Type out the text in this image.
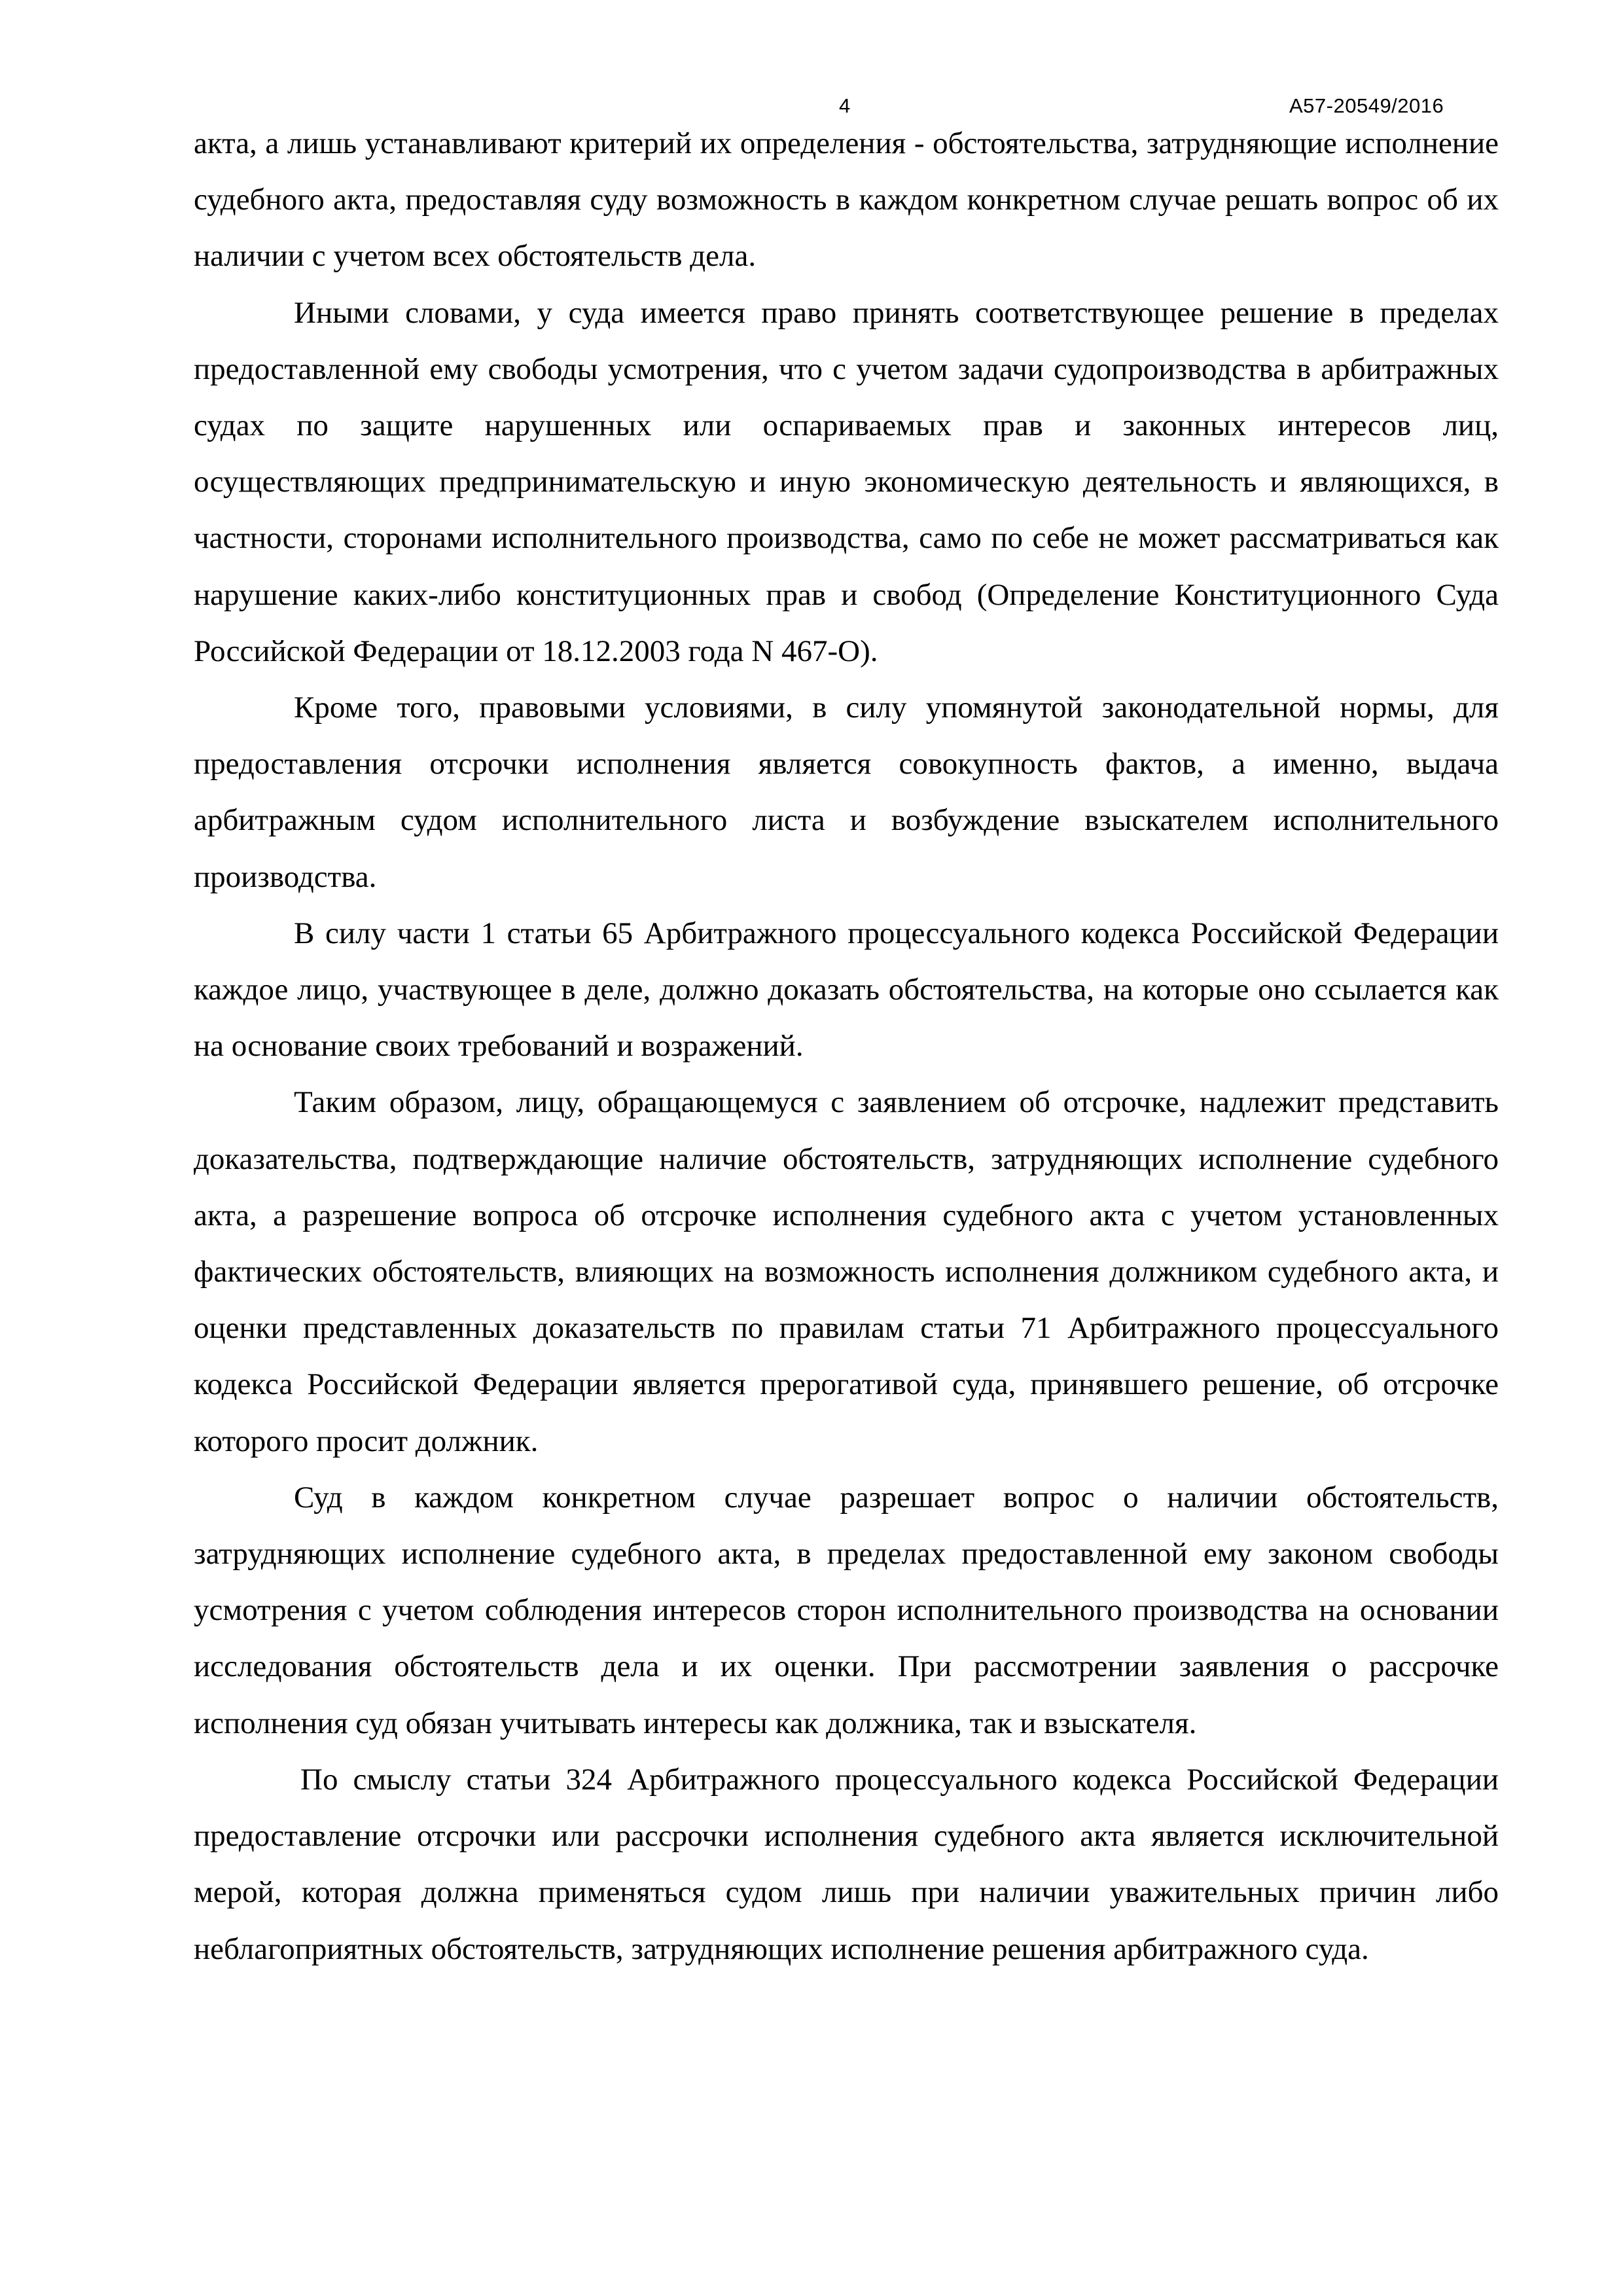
4	А57-20549/2016

акта, а лишь устанавливают критерий их определения - обстоятельства, затрудняющие исполнение судебного акта, предоставляя суду возможность в каждом конкретном случае решать вопрос об их наличии с учетом всех обстоятельств дела.

Иными словами, у суда имеется право принять соответствующее решение в пределах предоставленной ему свободы усмотрения, что с учетом задачи судопроизводства в арбитражных судах по защите нарушенных или оспариваемых прав и законных интересов лиц, осуществляющих предпринимательскую и иную экономическую деятельность и являющихся, в частности, сторонами исполнительного производства, само по себе не может рассматриваться как нарушение каких-либо конституционных прав и свобод (Определение Конституционного Суда Российской Федерации от 18.12.2003 года N 467-О).

Кроме того, правовыми условиями, в силу упомянутой законодательной нормы, для предоставления отсрочки исполнения является совокупность фактов, а именно, выдача арбитражным судом исполнительного листа и возбуждение взыскателем исполнительного производства.

В силу части 1 статьи 65 Арбитражного процессуального кодекса Российской Федерации каждое лицо, участвующее в деле, должно доказать обстоятельства, на которые оно ссылается как на основание своих требований и возражений.

Таким образом, лицу, обращающемуся с заявлением об отсрочке, надлежит представить доказательства, подтверждающие наличие обстоятельств, затрудняющих исполнение судебного акта, а разрешение вопроса об отсрочке исполнения судебного акта с учетом установленных фактических обстоятельств, влияющих на возможность исполнения должником судебного акта, и оценки представленных доказательств по правилам статьи 71 Арбитражного процессуального кодекса Российской Федерации является прерогативой суда, принявшего решение, об отсрочке которого просит должник.

Суд в каждом конкретном случае разрешает вопрос о наличии обстоятельств, затрудняющих исполнение судебного акта, в пределах предоставленной ему законом свободы усмотрения с учетом соблюдения интересов сторон исполнительного производства на основании исследования обстоятельств дела и их оценки. При рассмотрении заявления о рассрочке исполнения суд обязан учитывать интересы как должника, так и взыскателя.

По смыслу статьи 324 Арбитражного процессуального кодекса Российской Федерации предоставление отсрочки или рассрочки исполнения судебного акта является исключительной мерой, которая должна применяться судом лишь при наличии уважительных причин либо неблагоприятных обстоятельств, затрудняющих исполнение решения арбитражного суда.
